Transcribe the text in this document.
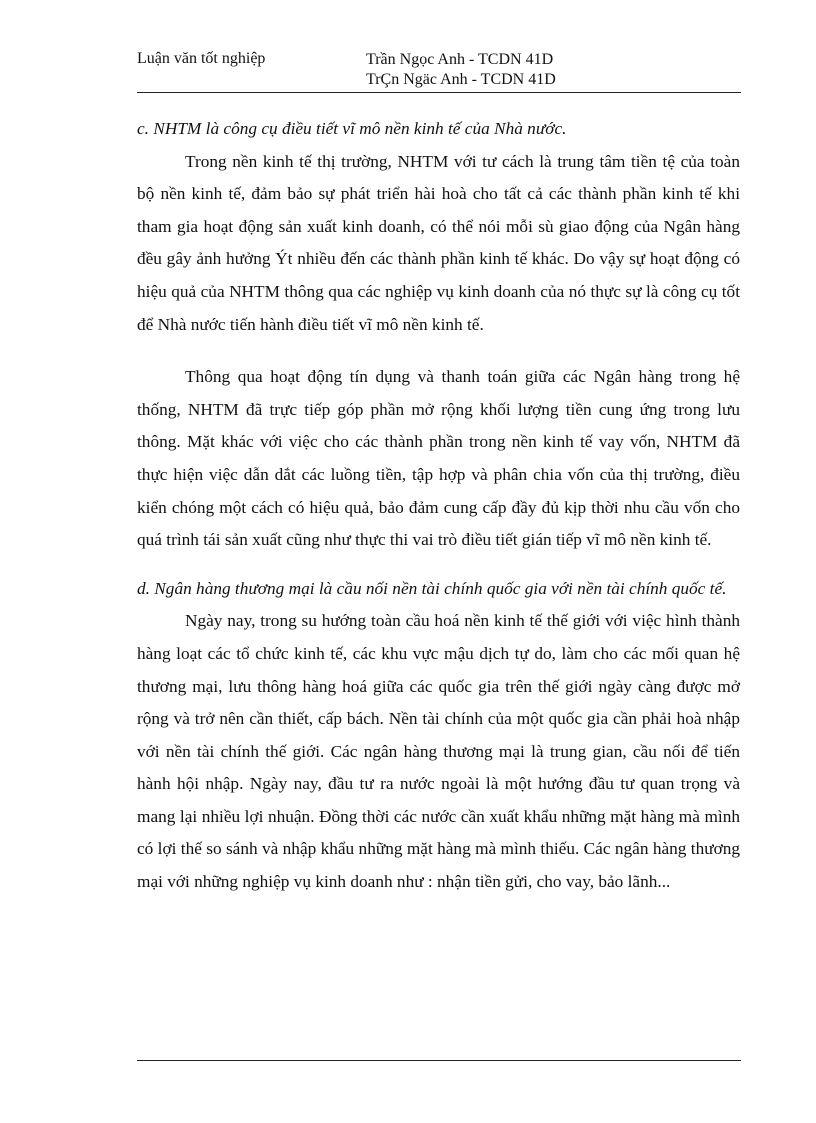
Luận văn tốt nghiệp	Trần Ngọc Anh - TCDN 41D
TrÇn Ngäc Anh - TCDN 41D

c. NHTM là công cụ điều tiết vĩ mô nền kinh tế của Nhà nước.

Trong nền kinh tế thị trường, NHTM với tư cách là trung tâm tiền tệ của toàn bộ nền kinh tế, đảm bảo sự phát triển hài hoà cho tất cả các thành phần kinh tế khi tham gia hoạt động sản xuất kinh doanh, có thể nói mỗi sù giao động của Ngân hàng đều gây ảnh hưởng Ýt nhiều đến các thành phần kinh tế khác. Do vậy sự hoạt động có hiệu quả của NHTM thông qua các nghiệp vụ kinh doanh của nó thực sự là công cụ tốt để Nhà nước tiến hành điều tiết vĩ mô nền kinh tế.

Thông qua hoạt động tín dụng và thanh toán giữa các Ngân hàng trong hệ thống, NHTM đã trực tiếp góp phần mở rộng khối lượng tiền cung ứng trong lưu thông. Mặt khác với việc cho các thành phần trong nền kinh tế vay vốn, NHTM đã thực hiện việc dẫn dắt các luồng tiền, tập hợp và phân chia vốn của thị trường, điều kiển chóng một cách có hiệu quả, bảo đảm cung cấp đầy đủ kịp thời nhu cầu vốn cho quá trình tái sản xuất cũng như thực thi vai trò điều tiết gián tiếp vĩ mô nền kinh tế.

d. Ngân hàng thương mại là cầu nối nền tài chính quốc gia với nền tài chính quốc tế.

Ngày nay, trong su hướng toàn cầu hoá nền kinh tế thế giới với việc hình thành hàng loạt các tổ chức kinh tế, các khu vực mậu dịch tự do, làm cho các mối quan hệ thương mại, lưu thông hàng hoá giữa các quốc gia trên thế giới ngày càng được mở rộng và trở nên cần thiết, cấp bách. Nền tài chính của một quốc gia cần phải hoà nhập với nền tài chính thế giới. Các ngân hàng thương mại là trung gian, cầu nối để tiến hành hội nhập. Ngày nay, đầu tư ra nước ngoài là một hướng đầu tư quan trọng và mang lại nhiều lợi nhuận. Đồng thời các nước cần xuất khẩu những mặt hàng mà mình có lợi thế so sánh và nhập khẩu những mặt hàng mà mình thiếu. Các ngân hàng thương mại với những nghiệp vụ kinh doanh như : nhận tiền gửi, cho vay, bảo lãnh...
